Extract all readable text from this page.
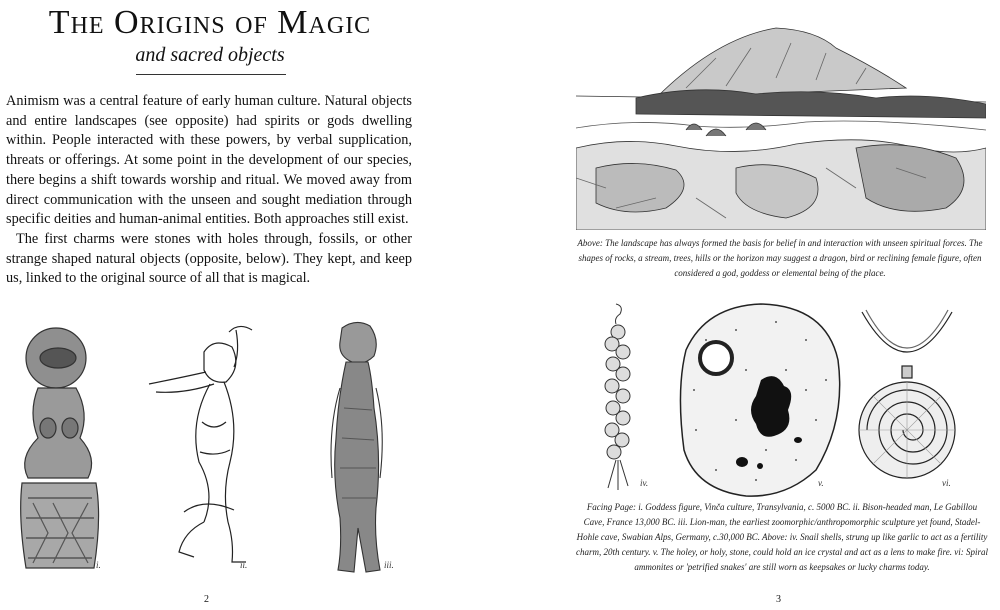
The Origins of Magic
and sacred objects

Animism was a central feature of early human culture. Natural objects and entire landscapes (see opposite) had spirits or gods dwelling within. People interacted with these powers, by verbal supplication, threats or offerings. At some point in the development of our species, there begins a shift towards worship and ritual. We moved away from direct communication with the unseen and sought mediation through specific deities and human-animal entities. Both approaches still exist.

The first charms were stones with holes through, fossils, or other strange shaped natural objects (opposite, below). They kept, and keep us, linked to the original source of all that is magical.

i.	ii.	iii.
2
Above: The landscape has always formed the basis for belief in and interaction with unseen spiritual forces. The shapes of rocks, a stream, trees, hills or the horizon may suggest a dragon, bird or reclining female figure, often considered a god, goddess or elemental being of the place.
iv.	v.	vi.
Facing Page: i. Goddess figure, Vinča culture, Transylvania, c. 5000 BC. ii. Bison-headed man, Le Gabillou Cave, France 13,000 BC. iii. Lion-man, the earliest zoomorphic/anthropomorphic sculpture yet found, Stadel-Hohle cave, Swabian Alps, Germany, c.30,000 BC. Above: iv. Snail shells, strung up like garlic to act as a fertility charm, 20th century. v. The holey, or holy, stone, could hold an ice crystal and act as a lens to make fire. vi: Spiral ammonites or 'petrified snakes' are still worn as keepsakes or lucky charms today.
3
